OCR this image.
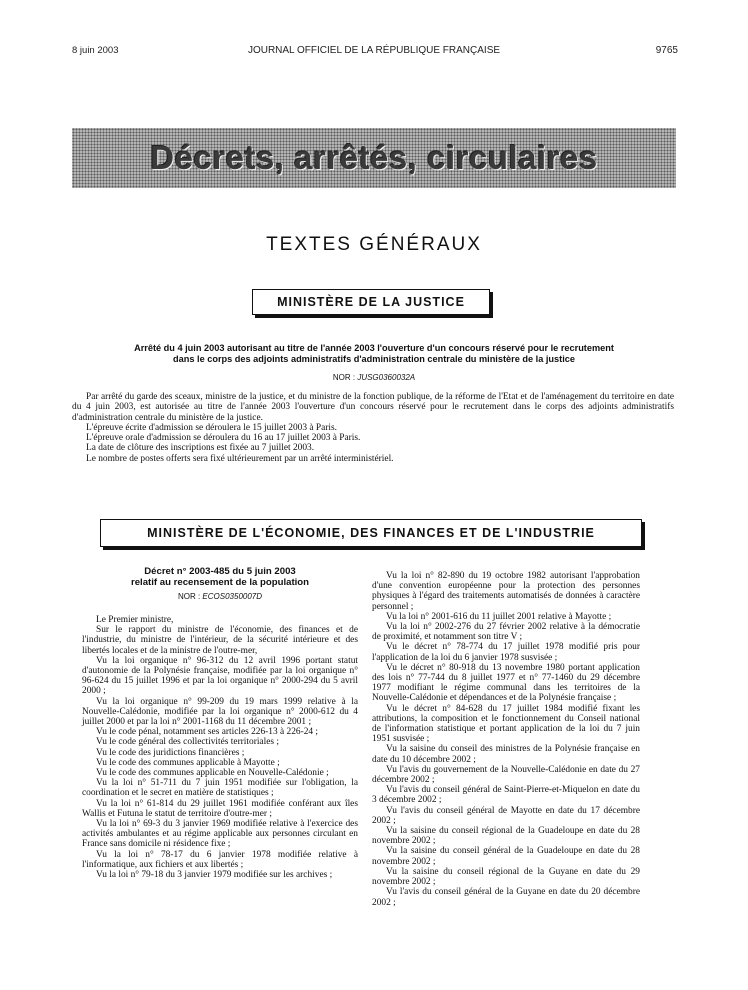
8 juin 2003	JOURNAL OFFICIEL DE LA RÉPUBLIQUE FRANÇAISE	9765
Décrets, arrêtés, circulaires
TEXTES GÉNÉRAUX
MINISTÈRE DE LA JUSTICE
Arrêté du 4 juin 2003 autorisant au titre de l'année 2003 l'ouverture d'un concours réservé pour le recrutement
dans le corps des adjoints administratifs d'administration centrale du ministère de la justice
NOR : JUSG0360032A

Par arrêté du garde des sceaux, ministre de la justice, et du ministre de la fonction publique, de la réforme de l'Etat et de l'aménagement du territoire en date du 4 juin 2003, est autorisée au titre de l'année 2003 l'ouverture d'un concours réservé pour le recrutement dans le corps des adjoints administratifs d'administration centrale du ministère de la justice.

L'épreuve écrite d'admission se déroulera le 15 juillet 2003 à Paris.

L'épreuve orale d'admission se déroulera du 16 au 17 juillet 2003 à Paris.

La date de clôture des inscriptions est fixée au 7 juillet 2003.

Le nombre de postes offerts sera fixé ultérieurement par un arrêté interministériel.

MINISTÈRE DE L'ÉCONOMIE, DES FINANCES ET DE L'INDUSTRIE
Décret n° 2003-485 du 5 juin 2003
relatif au recensement de la population
NOR : ECOS0350007D

Le Premier ministre,

Sur le rapport du ministre de l'économie, des finances et de l'industrie, du ministre de l'intérieur, de la sécurité intérieure et des libertés locales et de la ministre de l'outre-mer,

Vu la loi organique n° 96-312 du 12 avril 1996 portant statut d'autonomie de la Polynésie française, modifiée par la loi organique n° 96-624 du 15 juillet 1996 et par la loi organique n° 2000-294 du 5 avril 2000 ;

Vu la loi organique n° 99-209 du 19 mars 1999 relative à la Nouvelle-Calédonie, modifiée par la loi organique n° 2000-612 du 4 juillet 2000 et par la loi n° 2001-1168 du 11 décembre 2001 ;

Vu le code pénal, notamment ses articles 226-13 à 226-24 ;

Vu le code général des collectivités territoriales ;

Vu le code des juridictions financières ;

Vu le code des communes applicable à Mayotte ;

Vu le code des communes applicable en Nouvelle-Calédonie ;

Vu la loi n° 51-711 du 7 juin 1951 modifiée sur l'obligation, la coordination et le secret en matière de statistiques ;

Vu la loi n° 61-814 du 29 juillet 1961 modifiée conférant aux îles Wallis et Futuna le statut de territoire d'outre-mer ;

Vu la loi n° 69-3 du 3 janvier 1969 modifiée relative à l'exercice des activités ambulantes et au régime applicable aux personnes circulant en France sans domicile ni résidence fixe ;

Vu la loi n° 78-17 du 6 janvier 1978 modifiée relative à l'informatique, aux fichiers et aux libertés ;

Vu la loi n° 79-18 du 3 janvier 1979 modifiée sur les archives ;

Vu la loi n° 82-890 du 19 octobre 1982 autorisant l'approbation d'une convention européenne pour la protection des personnes physiques à l'égard des traitements automatisés de données à caractère personnel ;

Vu la loi n° 2001-616 du 11 juillet 2001 relative à Mayotte ;

Vu la loi n° 2002-276 du 27 février 2002 relative à la démocratie de proximité, et notamment son titre V ;

Vu le décret n° 78-774 du 17 juillet 1978 modifié pris pour l'application de la loi du 6 janvier 1978 susvisée ;

Vu le décret n° 80-918 du 13 novembre 1980 portant application des lois n° 77-744 du 8 juillet 1977 et n° 77-1460 du 29 décembre 1977 modifiant le régime communal dans les territoires de la Nouvelle-Calédonie et dépendances et de la Polynésie française ;

Vu le décret n° 84-628 du 17 juillet 1984 modifié fixant les attributions, la composition et le fonctionnement du Conseil national de l'information statistique et portant application de la loi du 7 juin 1951 susvisée ;

Vu la saisine du conseil des ministres de la Polynésie française en date du 10 décembre 2002 ;

Vu l'avis du gouvernement de la Nouvelle-Calédonie en date du 27 décembre 2002 ;

Vu l'avis du conseil général de Saint-Pierre-et-Miquelon en date du 3 décembre 2002 ;

Vu l'avis du conseil général de Mayotte en date du 17 décembre 2002 ;

Vu la saisine du conseil régional de la Guadeloupe en date du 28 novembre 2002 ;

Vu la saisine du conseil général de la Guadeloupe en date du 28 novembre 2002 ;

Vu la saisine du conseil régional de la Guyane en date du 29 novembre 2002 ;

Vu l'avis du conseil général de la Guyane en date du 20 décembre 2002 ;
